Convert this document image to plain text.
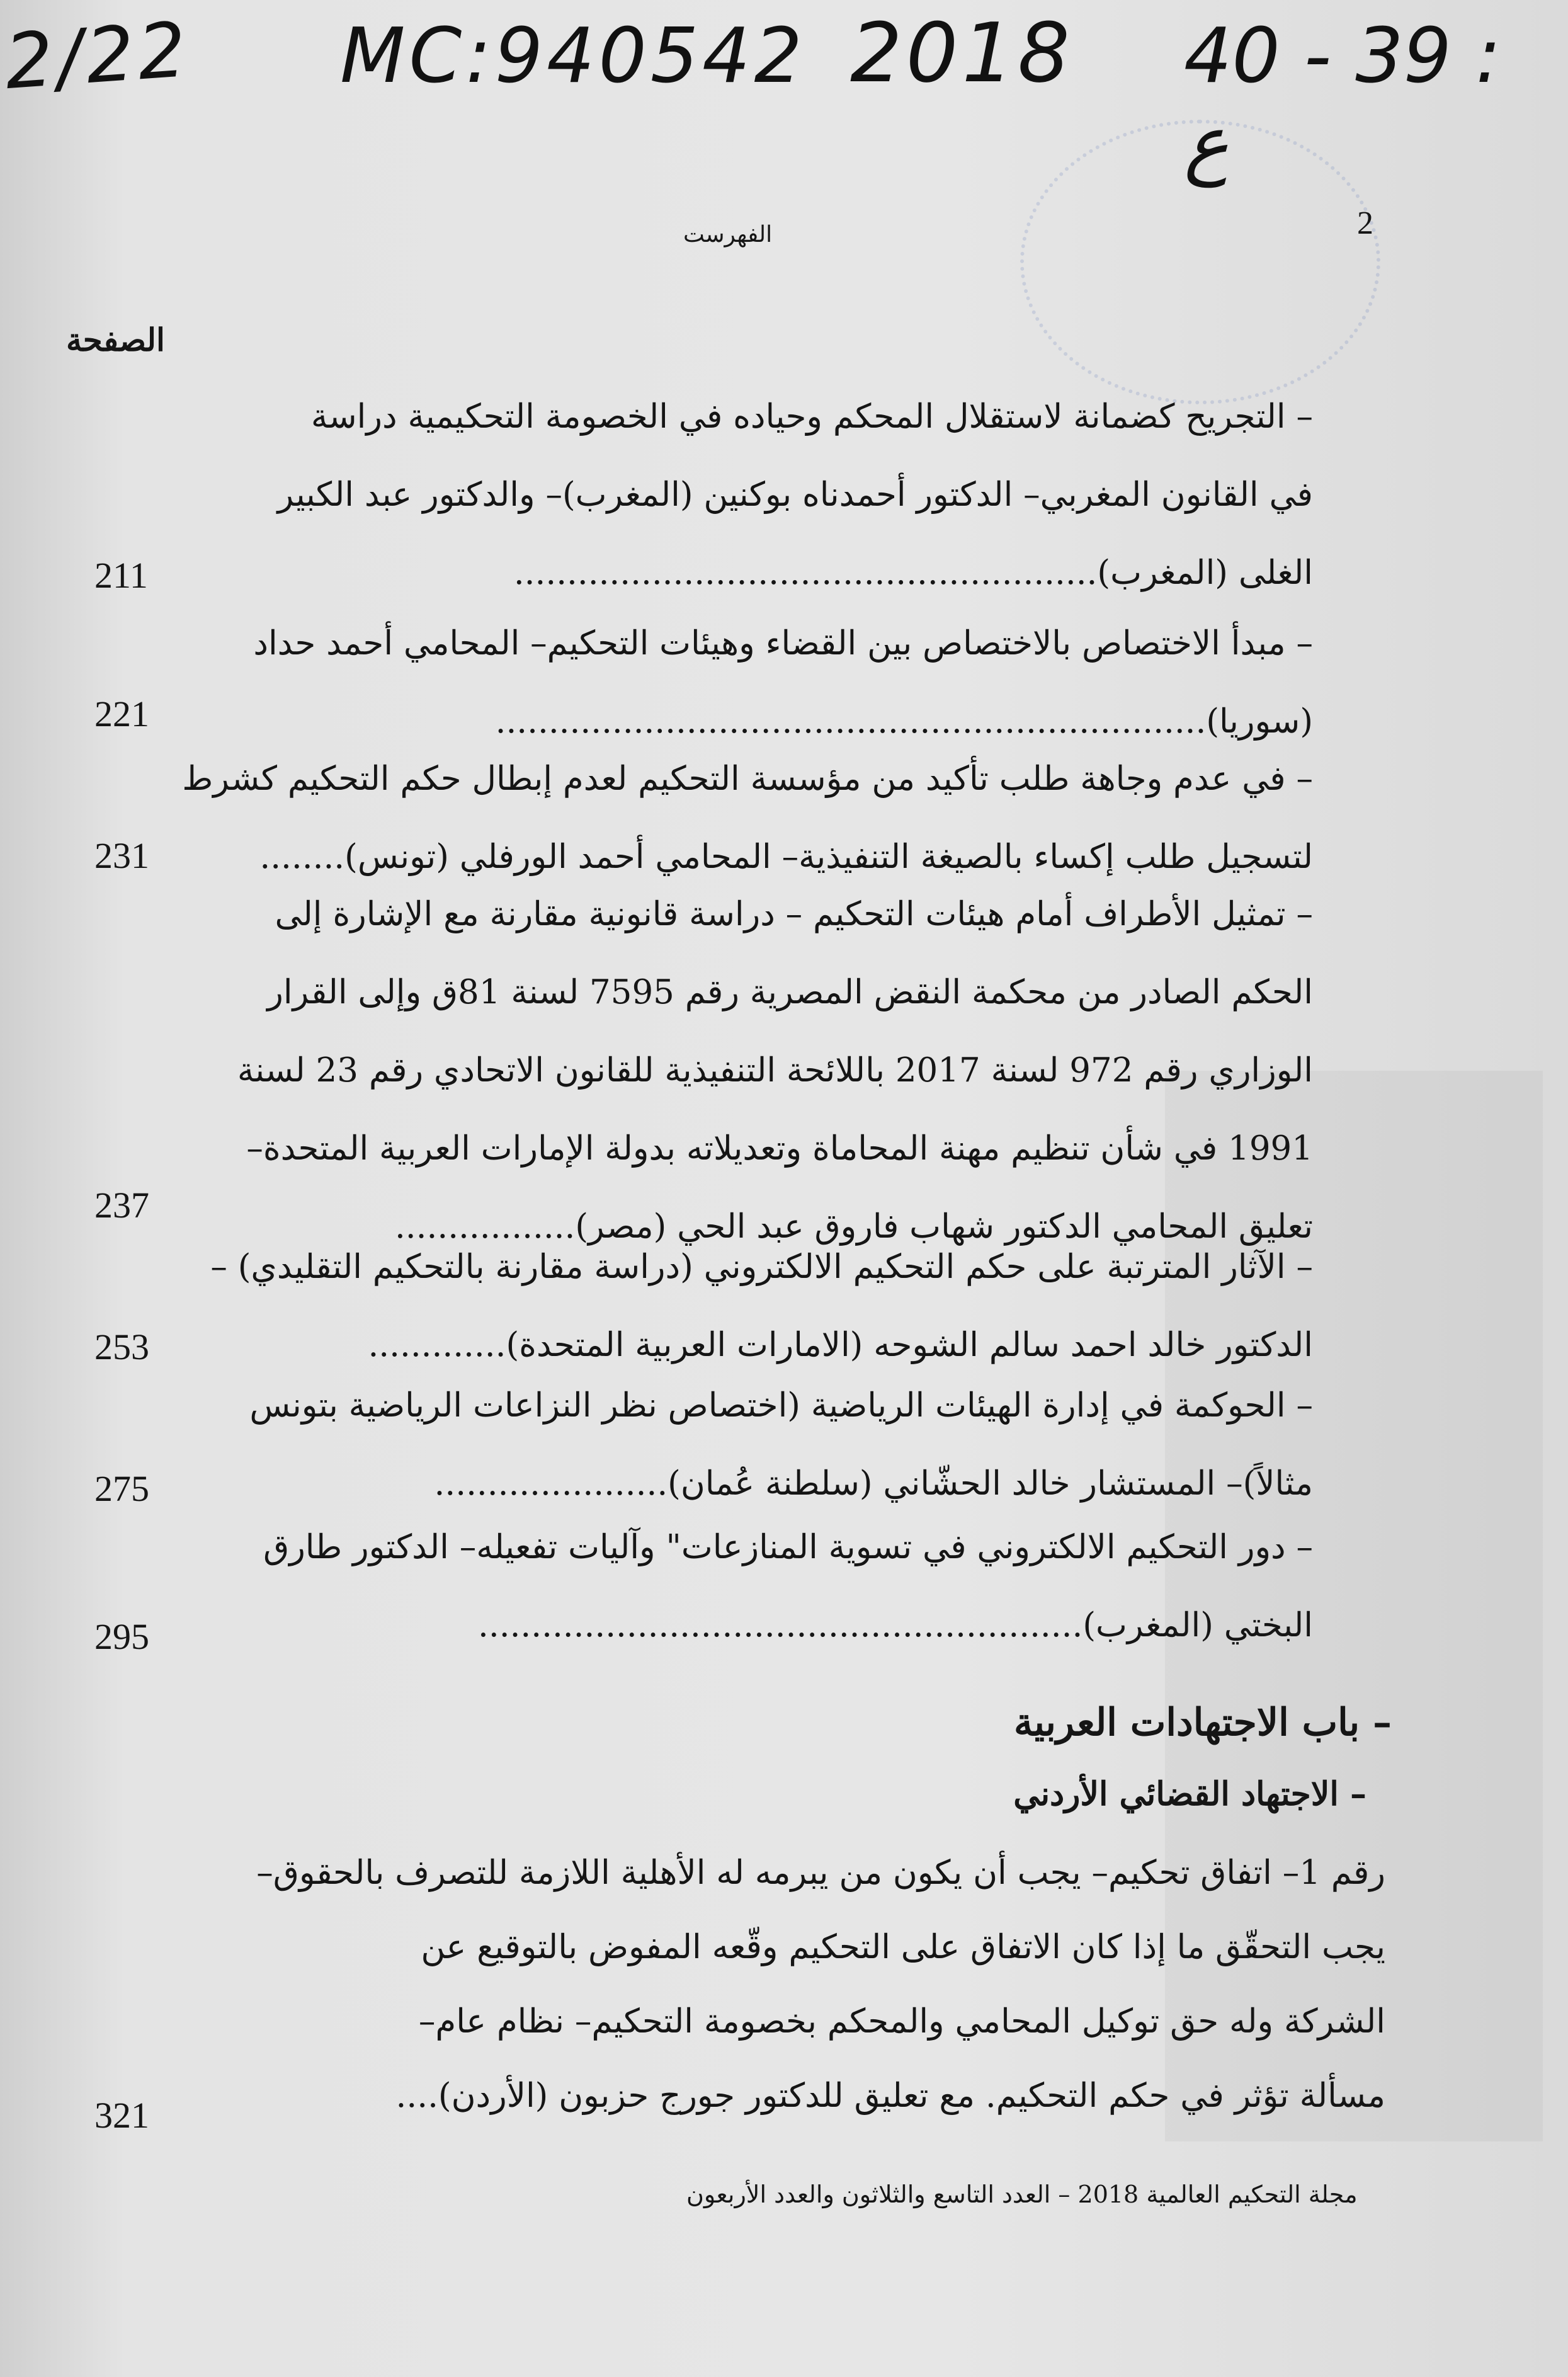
2/22 MC:940542 2018 40 - 39 : ع
2
الفهرست
الصفحة
– التجريح كضمانة لاستقلال المحكم وحياده في الخصومة التحكيمية دراسة
في القانون المغربي– الدكتور أحمدناه بوكنين (المغرب)– والدكتور عبد الكبير
الغلى (المغرب).......................................................
211
– مبدأ الاختصاص بالاختصاص بين القضاء وهيئات التحكيم– المحامي أحمد حداد
(سوريا)...................................................................
221
– في عدم وجاهة طلب تأكيد من مؤسسة التحكيم لعدم إبطال حكم التحكيم كشرط
لتسجيل طلب إكساء بالصيغة التنفيذية– المحامي أحمد الورفلي (تونس)........
231
– تمثيل الأطراف أمام هيئات التحكيم – دراسة قانونية مقارنة مع الإشارة إلى
الحكم الصادر من محكمة النقض المصرية رقم 7595 لسنة 81ق وإلى القرار
الوزاري رقم 972 لسنة 2017 باللائحة التنفيذية للقانون الاتحادي رقم 23 لسنة
1991 في شأن تنظيم مهنة المحاماة وتعديلاته بدولة الإمارات العربية المتحدة–
تعليق المحامي الدكتور شهاب فاروق عبد الحي (مصر).................
237
– الآثار المترتبة على حكم التحكيم الالكتروني (دراسة مقارنة بالتحكيم التقليدي) –
الدكتور خالد احمد سالم الشوحه (الامارات العربية المتحدة).............
253
– الحوكمة في إدارة الهيئات الرياضية (اختصاص نظر النزاعات الرياضية بتونس
مثالاً)– المستشار خالد الحشّاني (سلطنة عُمان)......................
275
– دور التحكيم الالكتروني في تسوية المنازعات" وآليات تفعيله– الدكتور طارق
البختي (المغرب).........................................................
295
– باب الاجتهادات العربية
– الاجتهاد القضائي الأردني
رقم 1– اتفاق تحكيم– يجب أن يكون من يبرمه له الأهلية اللازمة للتصرف بالحقوق–
يجب التحقّق ما إذا كان الاتفاق على التحكيم وقّعه المفوض بالتوقيع عن
الشركة وله حق توكيل المحامي والمحكم بخصومة التحكيم– نظام عام–
مسألة تؤثر في حكم التحكيم. مع تعليق للدكتور جورج حزبون (الأردن)....
321
مجلة التحكيم العالمية 2018 – العدد التاسع والثلاثون والعدد الأربعون
